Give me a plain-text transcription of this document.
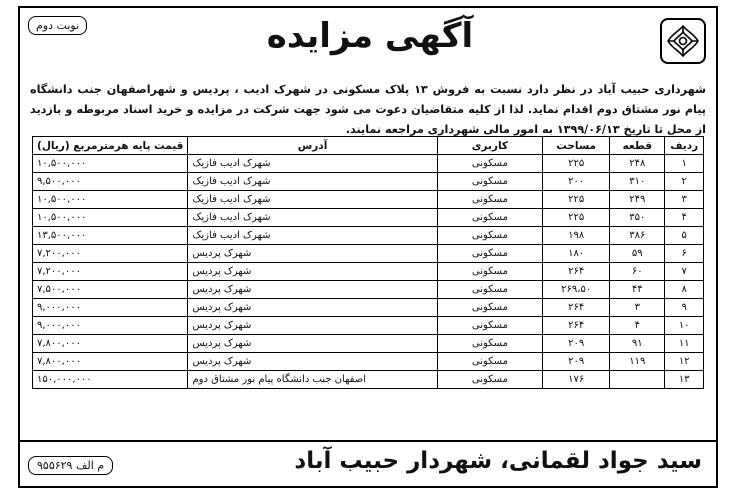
نوبت دوم	آگهی مزایده
شهرداری حبیب آباد در نظر دارد نسبت به فروش ۱۳ پلاک مسکونی در شهرک ادیب ، پردیس و شهراصفهان جنب دانشگاه پیام نور مشتاق دوم اقدام نماید. لذا از کلیه متقاضیان دعوت می شود جهت شرکت در مزایده و خرید اسناد مربوطه و بازدید از محل تا تاریخ ۱۳۹۹/۰۶/۱۳ به امور مالی شهرداری مراجعه نمایند.
ردیف	قطعه	مساحت	کاربری	آدرس	قیمت پایه هرمترمربع (ریال)
۱	۲۴۸	۲۲۵	مسکونی	شهرک ادیب فازیک	۱۰,۵۰۰,۰۰۰
۲	۳۱۰	۲۰۰	مسکونی	شهرک ادیب فازیک	۹,۵۰۰,۰۰۰
۳	۲۴۹	۲۲۵	مسکونی	شهرک ادیب فازیک	۱۰,۵۰۰,۰۰۰
۴	۳۵۰	۲۲۵	مسکونی	شهرک ادیب فازیک	۱۰,۵۰۰,۰۰۰
۵	۳۸۶	۱۹۸	مسکونی	شهرک ادیب فازیک	۱۳,۵۰۰,۰۰۰
۶	۵۹	۱۸۰	مسکونی	شهرک پردیس	۷,۲۰۰,۰۰۰
۷	۶۰	۲۶۴	مسکونی	شهرک پردیس	۷,۲۰۰,۰۰۰
۸	۴۴	۲۶۹،۵۰	مسکونی	شهرک پردیس	۷,۵۰۰,۰۰۰
۹	۳	۲۶۴	مسکونی	شهرک پردیس	۹,۰۰۰,۰۰۰
۱۰	۴	۲۶۴	مسکونی	شهرک پردیس	۹,۰۰۰,۰۰۰
۱۱	۹۱	۲۰۹	مسکونی	شهرک پردیس	۷,۸۰۰,۰۰۰
۱۲	۱۱۹	۲۰۹	مسکونی	شهرک پردیس	۷,۸۰۰,۰۰۰
۱۳		۱۷۶	مسکونی	اصفهان جنب دانشگاه پیام نور مشتاق دوم	۱۵۰,۰۰۰,۰۰۰
سید جواد لقمانی، شهردار حبیب آباد
م الف ۹۵۵۶۲۹
